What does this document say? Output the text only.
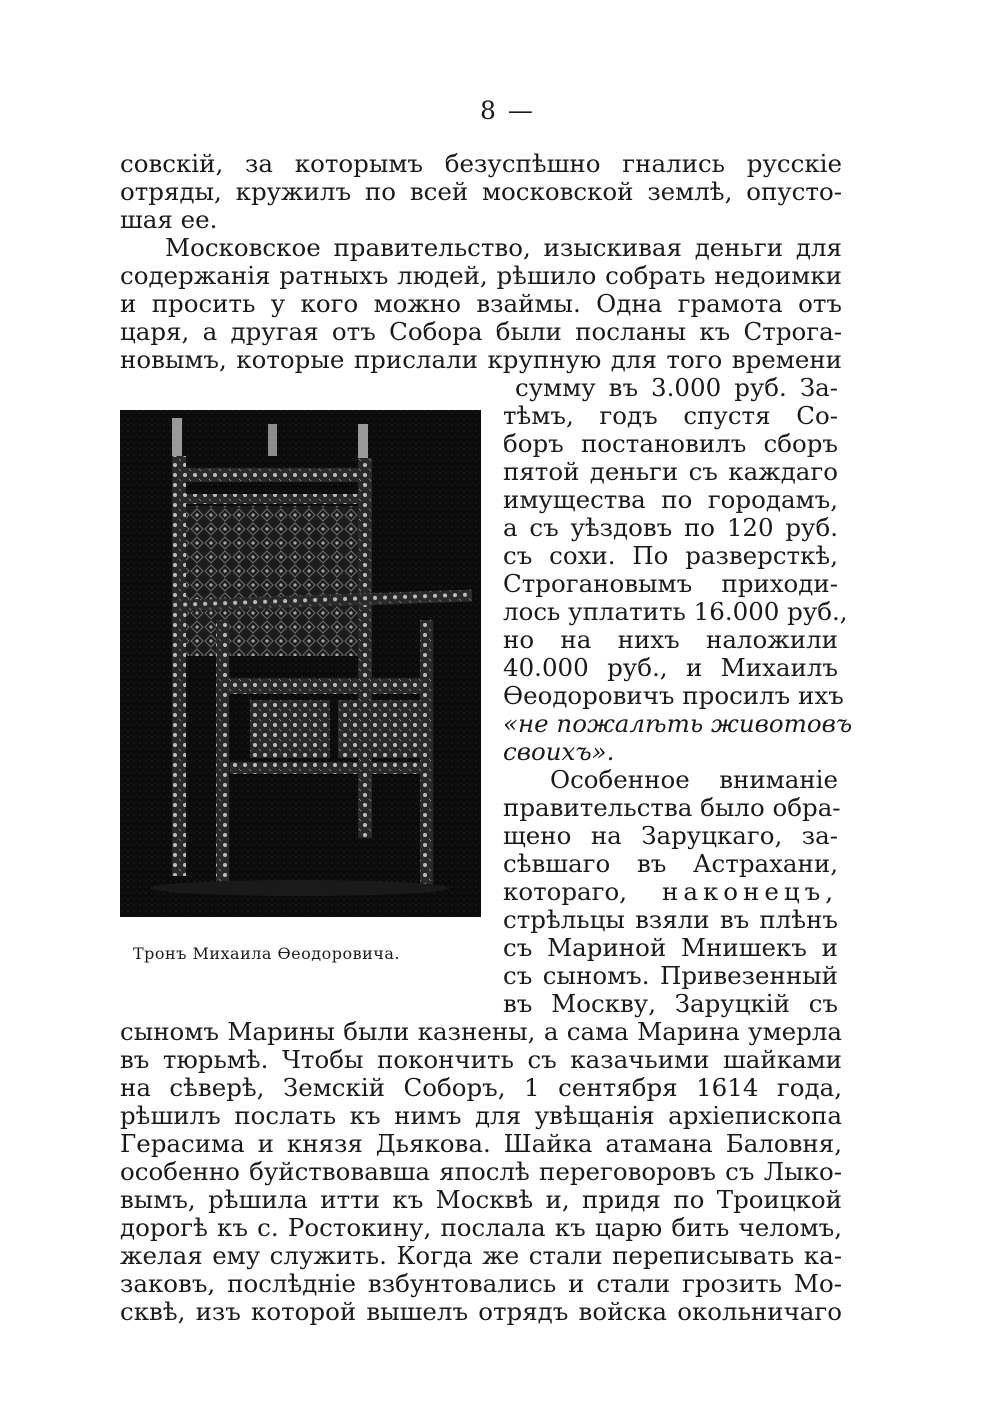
8 —
совскій, за которымъ безуспѣшно гнались русскіе
отряды, кружилъ по всей московской землѣ, опусто-
шая ее.
Московское правительство, изыскивая деньги для
содержанія ратныхъ людей, рѣшило собрать недоимки
и просить у кого можно взаймы. Одна грамота отъ
царя, а другая отъ Собора были посланы къ Строга-
новымъ, которые прислали крупную для того времени
сумму въ 3.000 руб. За-
тѣмъ, годъ спустя Со-
боръ постановилъ сборъ
пятой деньги съ каждаго
имущества по городамъ,
а съ уѣздовъ по 120 руб.
съ сохи. По разверсткѣ,
Строгановымъ приходи-
лось уплатить 16.000 руб.,
но на нихъ наложили
40.000 руб., и Михаилъ
Ѳеодоровичъ просилъ ихъ
«не пожалѣть животовъ
своихъ».
Особенное вниманіе
правительства было обра-
щено на Заруцкаго, за-
сѣвшаго въ Астрахани,
котораго, наконецъ,
стрѣльцы взяли въ плѣнъ
съ Мариной Мнишекъ и
съ сыномъ. Привезенный
въ Москву, Заруцкій съ
сыномъ Марины были казнены, а сама Марина умерла
въ тюрьмѣ. Чтобы покончить съ казачьими шайками
на сѣверѣ, Земскій Соборъ, 1 сентября 1614 года,
рѣшилъ послать къ нимъ для увѣщанія архіепископа
Герасима и князя Дьякова. Шайка атамана Баловня,
особенно буйствовавша япослѣ переговоровъ съ Лыко-
вымъ, рѣшила итти къ Москвѣ и, придя по Троицкой
дорогѣ къ с. Ростокину, послала къ царю бить челомъ,
желая ему служить. Когда же стали переписывать ка-
заковъ, послѣдніе взбунтовались и стали грозить Мо-
сквѣ, изъ которой вышелъ отрядъ войска окольничаго
Тронъ Михаила Ѳеодоровича.
